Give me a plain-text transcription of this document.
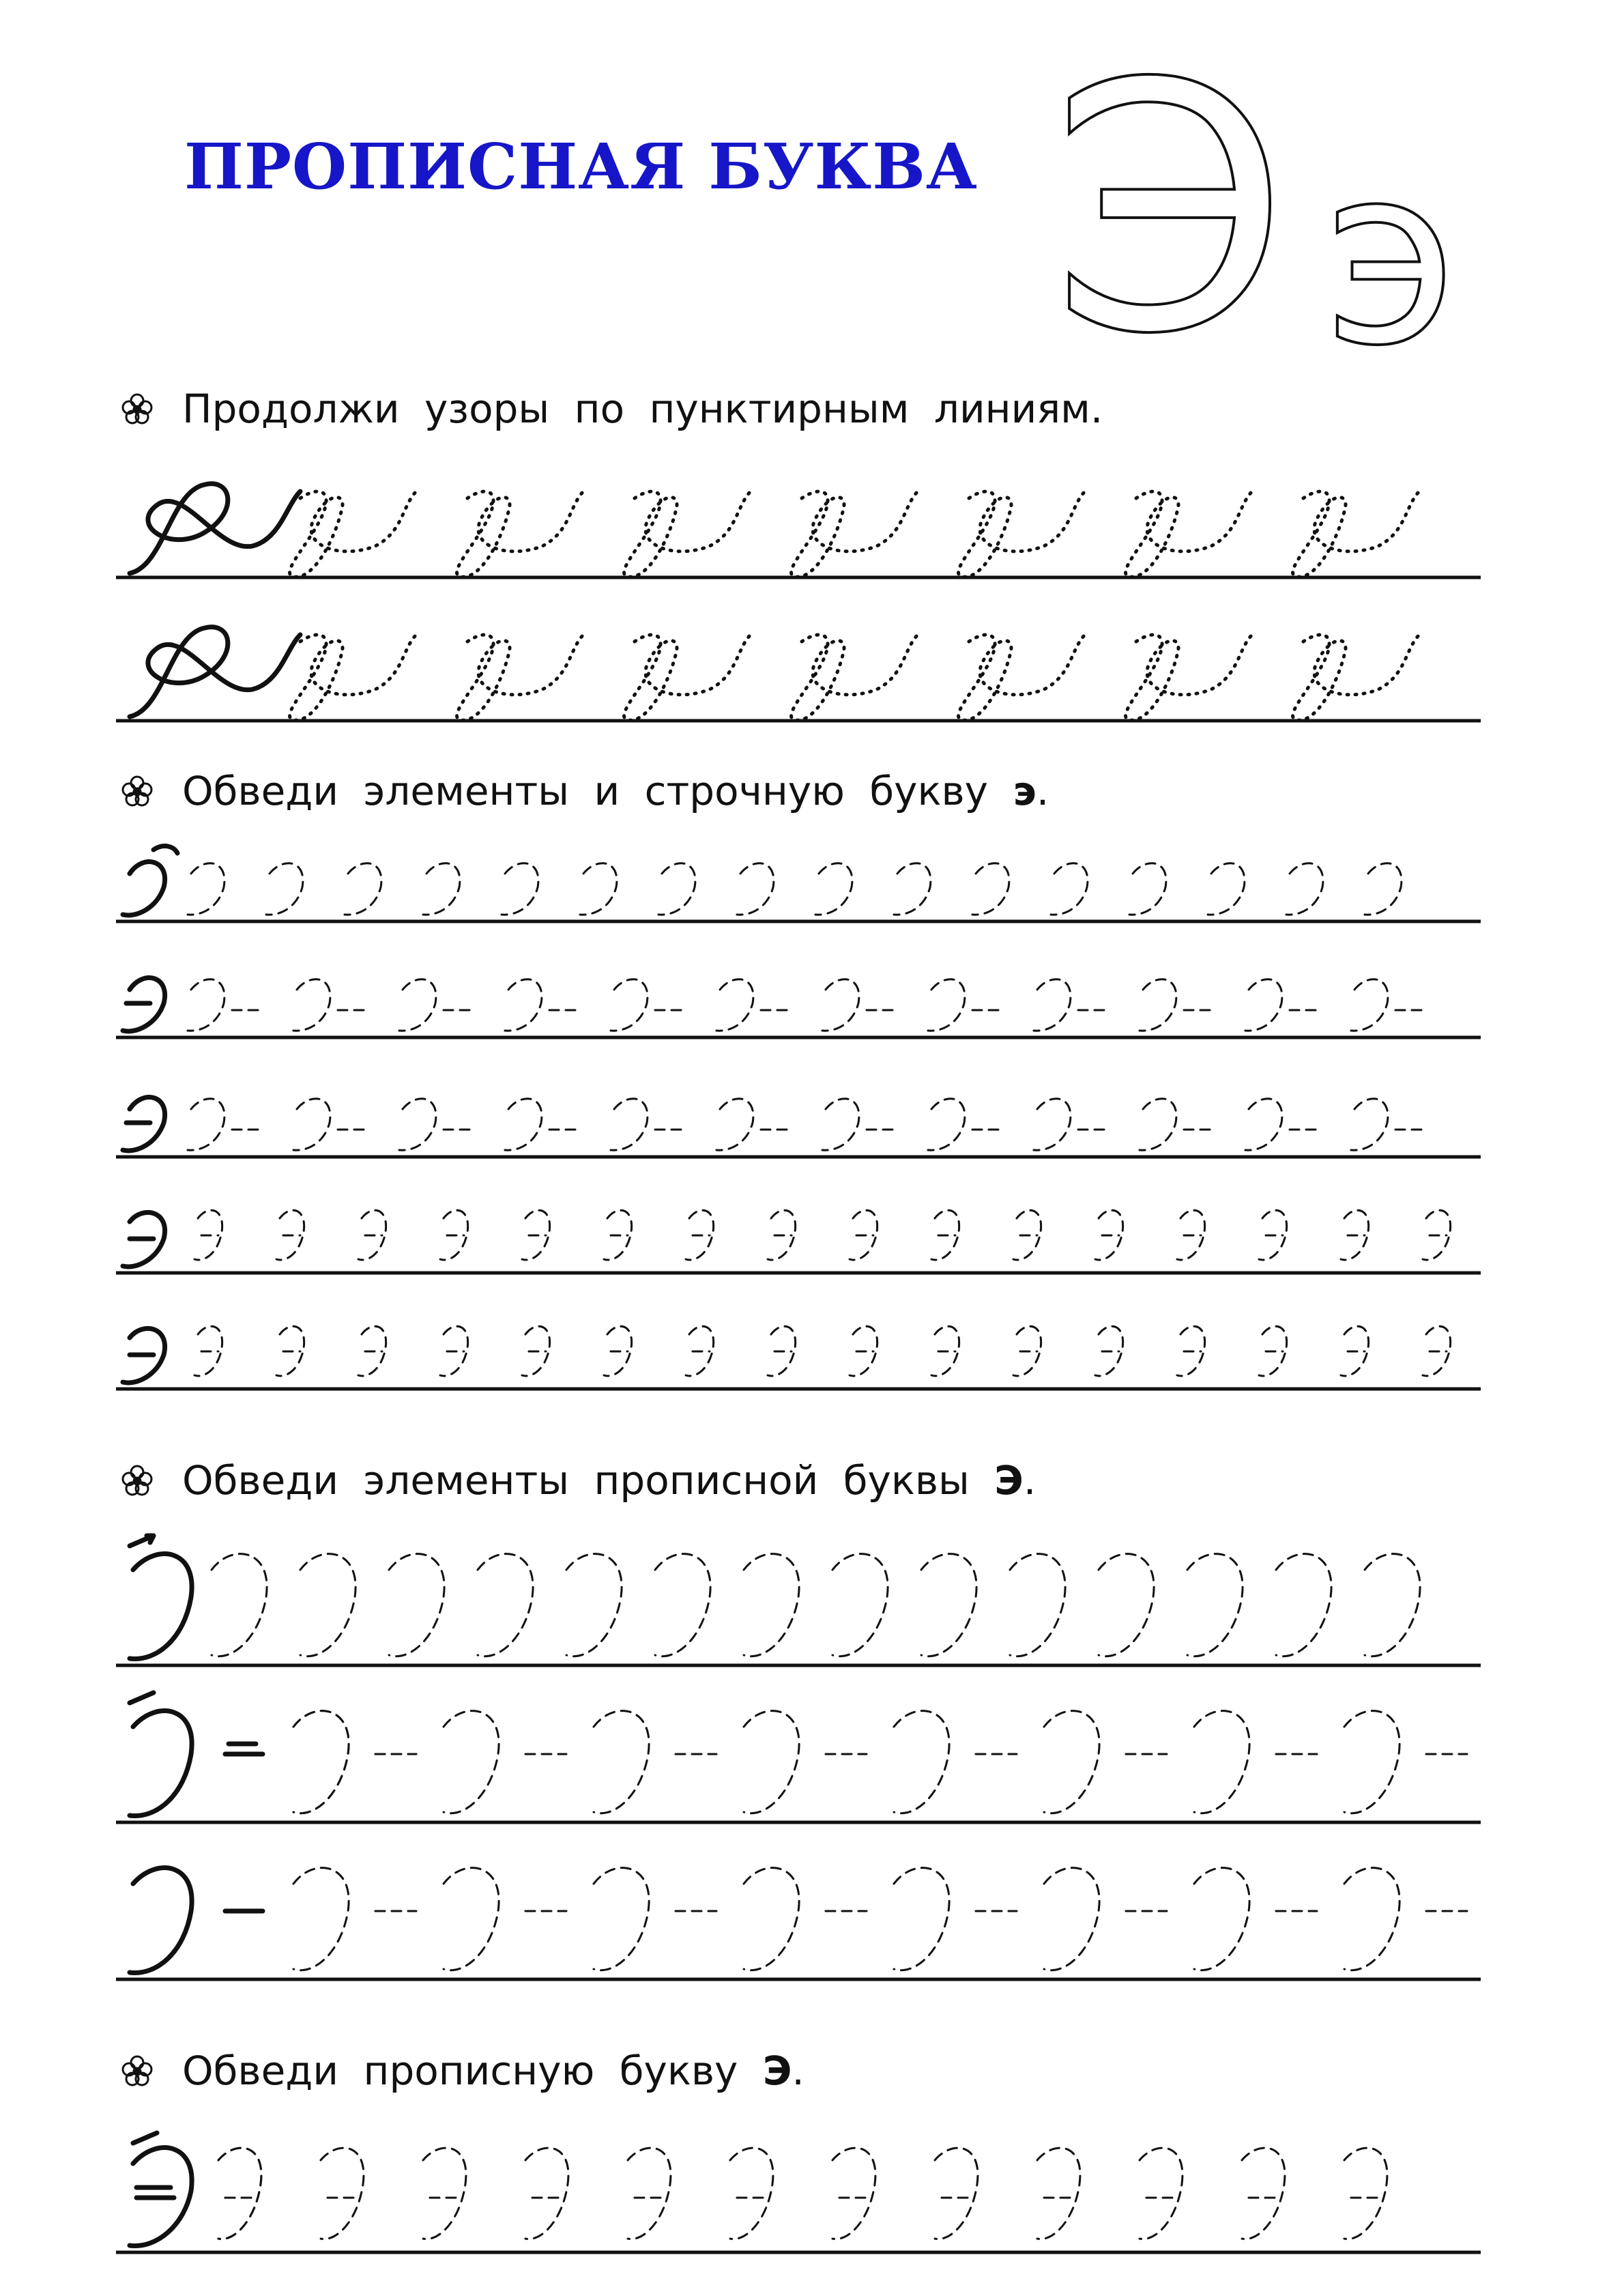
ПРОПИСНАЯ БУКВА Э э
Продолжи узоры по пунктирным линиям.
Обведи элементы и строчную букву
э .
Обведи элементы прописной буквы
Э .
Обведи прописную букву
Э .
